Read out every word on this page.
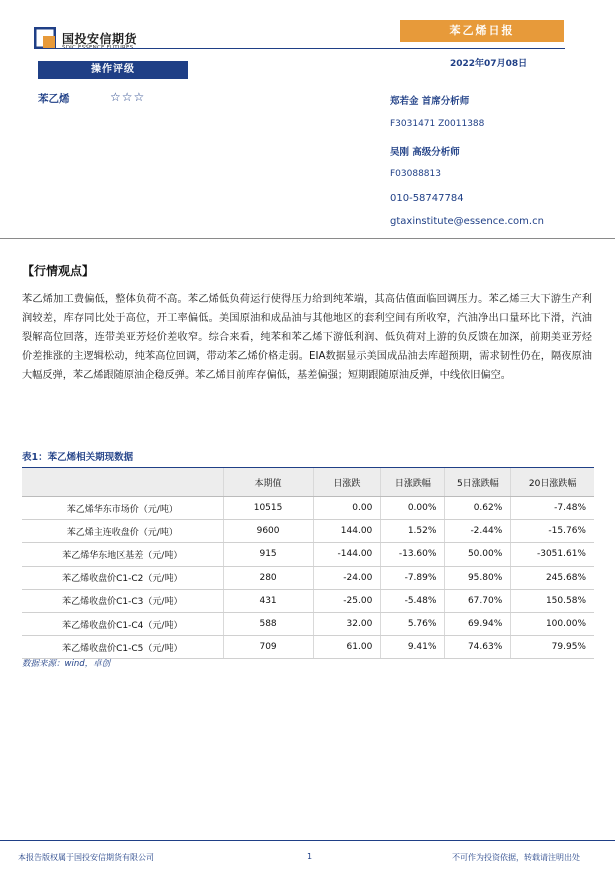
国投安信期货
苯乙烯日报
2022年07月08日
操作评级
苯乙烯	☆☆☆	郑若金 首席分析师
F3031471 Z0011388
吴刚 高级分析师
F03088813
010-58747784
gtaxinstitute@essence.com.cn
【行情观点】

苯乙烯加工费偏低，整体负荷不高。苯乙烯低负荷运行使得压力给到纯苯端，其高估值面临回调压力。苯乙烯三大下游生产利润较差，库存同比处于高位，开工率偏低。美国原油和成品油与其他地区的套利空间有所收窄，汽油净出口量环比下滑，汽油裂解高位回落，连带美亚芳烃价差收窄。综合来看，纯苯和苯乙烯下游低利润、低负荷对上游的负反馈在加深，前期美亚芳烃价差推涨的主逻辑松动，纯苯高位回调，带动苯乙烯价格走弱。EIA数据显示美国成品油去库超预期，需求韧性仍在，隔夜原油大幅反弹，苯乙烯跟随原油企稳反弹。苯乙烯目前库存偏低，基差偏强；短期跟随原油反弹，中线依旧偏空。

表1：苯乙烯相关期现数据
	本期值	日涨跌	日涨跌幅	5日涨跌幅	20日涨跌幅
苯乙烯华东市场价（元/吨）	10515	0.00	0.00%	0.62%	-7.48%
苯乙烯主连收盘价（元/吨）	9600	144.00	1.52%	-2.44%	-15.76%
苯乙烯华东地区基差（元/吨）	915	-144.00	-13.60%	50.00%	-3051.61%
苯乙烯收盘价C1-C2（元/吨）	280	-24.00	-7.89%	95.80%	245.68%
苯乙烯收盘价C1-C3（元/吨）	431	-25.00	-5.48%	67.70%	150.58%
苯乙烯收盘价C1-C4（元/吨）	588	32.00	5.76%	69.94%	100.00%
苯乙烯收盘价C1-C5（元/吨）	709	61.00	9.41%	74.63%	79.95%
数据来源：wind，卓创
本报告版权属于国投安信期货有限公司	1	不可作为投资依据，转载请注明出处
